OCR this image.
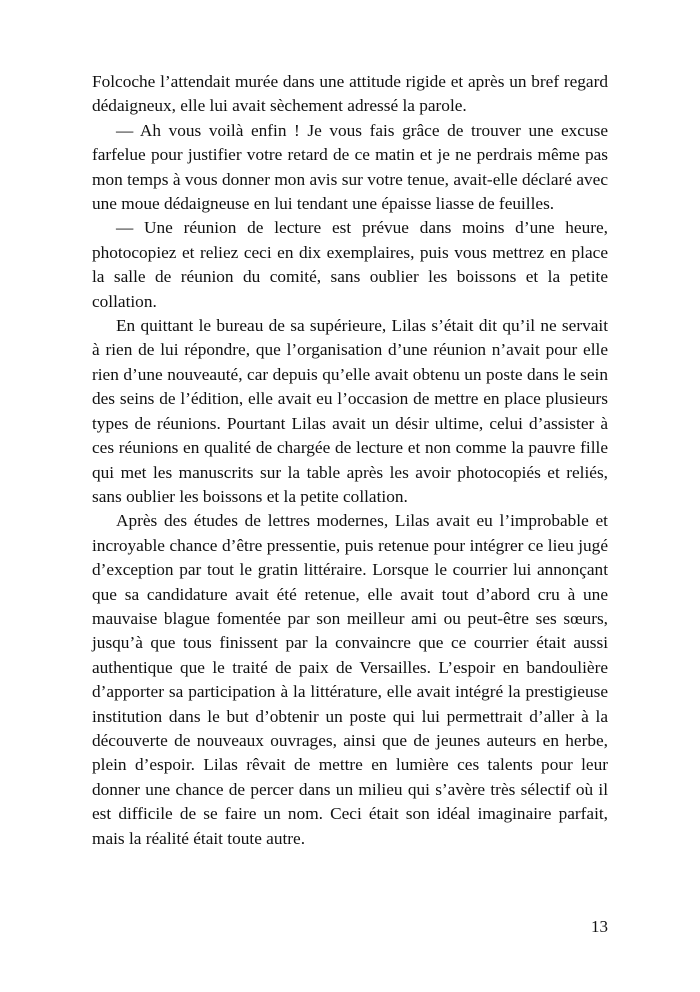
Folcoche l’attendait murée dans une attitude rigide et après un bref regard dédaigneux, elle lui avait sèchement adressé la parole.

— Ah vous voilà enfin ! Je vous fais grâce de trouver une excuse farfelue pour justifier votre retard de ce matin et je ne perdrais même pas mon temps à vous donner mon avis sur votre tenue, avait-elle déclaré avec une moue dédaigneuse en lui tendant une épaisse liasse de feuilles.

— Une réunion de lecture est prévue dans moins d’une heure, photocopiez et reliez ceci en dix exemplaires, puis vous mettrez en place la salle de réunion du comité, sans oublier les boissons et la petite collation.

En quittant le bureau de sa supérieure, Lilas s’était dit qu’il ne servait à rien de lui répondre, que l’organisation d’une réunion n’avait pour elle rien d’une nouveauté, car depuis qu’elle avait obtenu un poste dans le sein des seins de l’édition, elle avait eu l’occasion de mettre en place plusieurs types de réunions. Pourtant Lilas avait un désir ultime, celui d’assister à ces réunions en qualité de chargée de lecture et non comme la pauvre fille qui met les manuscrits sur la table après les avoir photocopiés et reliés, sans oublier les boissons et la petite collation.

Après des études de lettres modernes, Lilas avait eu l’improbable et incroyable chance d’être pressentie, puis retenue pour intégrer ce lieu jugé d’exception par tout le gratin littéraire. Lorsque le courrier lui annonçant que sa candidature avait été retenue, elle avait tout d’abord cru à une mauvaise blague fomentée par son meilleur ami ou peut-être ses sœurs, jusqu’à que tous finissent par la convaincre que ce courrier était aussi authentique que le traité de paix de Versailles. L’espoir en bandoulière d’apporter sa participation à la littérature, elle avait intégré la prestigieuse institution dans le but d’obtenir un poste qui lui permettrait d’aller à la découverte de nouveaux ouvrages, ainsi que de jeunes auteurs en herbe, plein d’espoir. Lilas rêvait de mettre en lumière ces talents pour leur donner une chance de percer dans un milieu qui s’avère très sélectif où il est difficile de se faire un nom. Ceci était son idéal imaginaire parfait, mais la réalité était toute autre.

13
